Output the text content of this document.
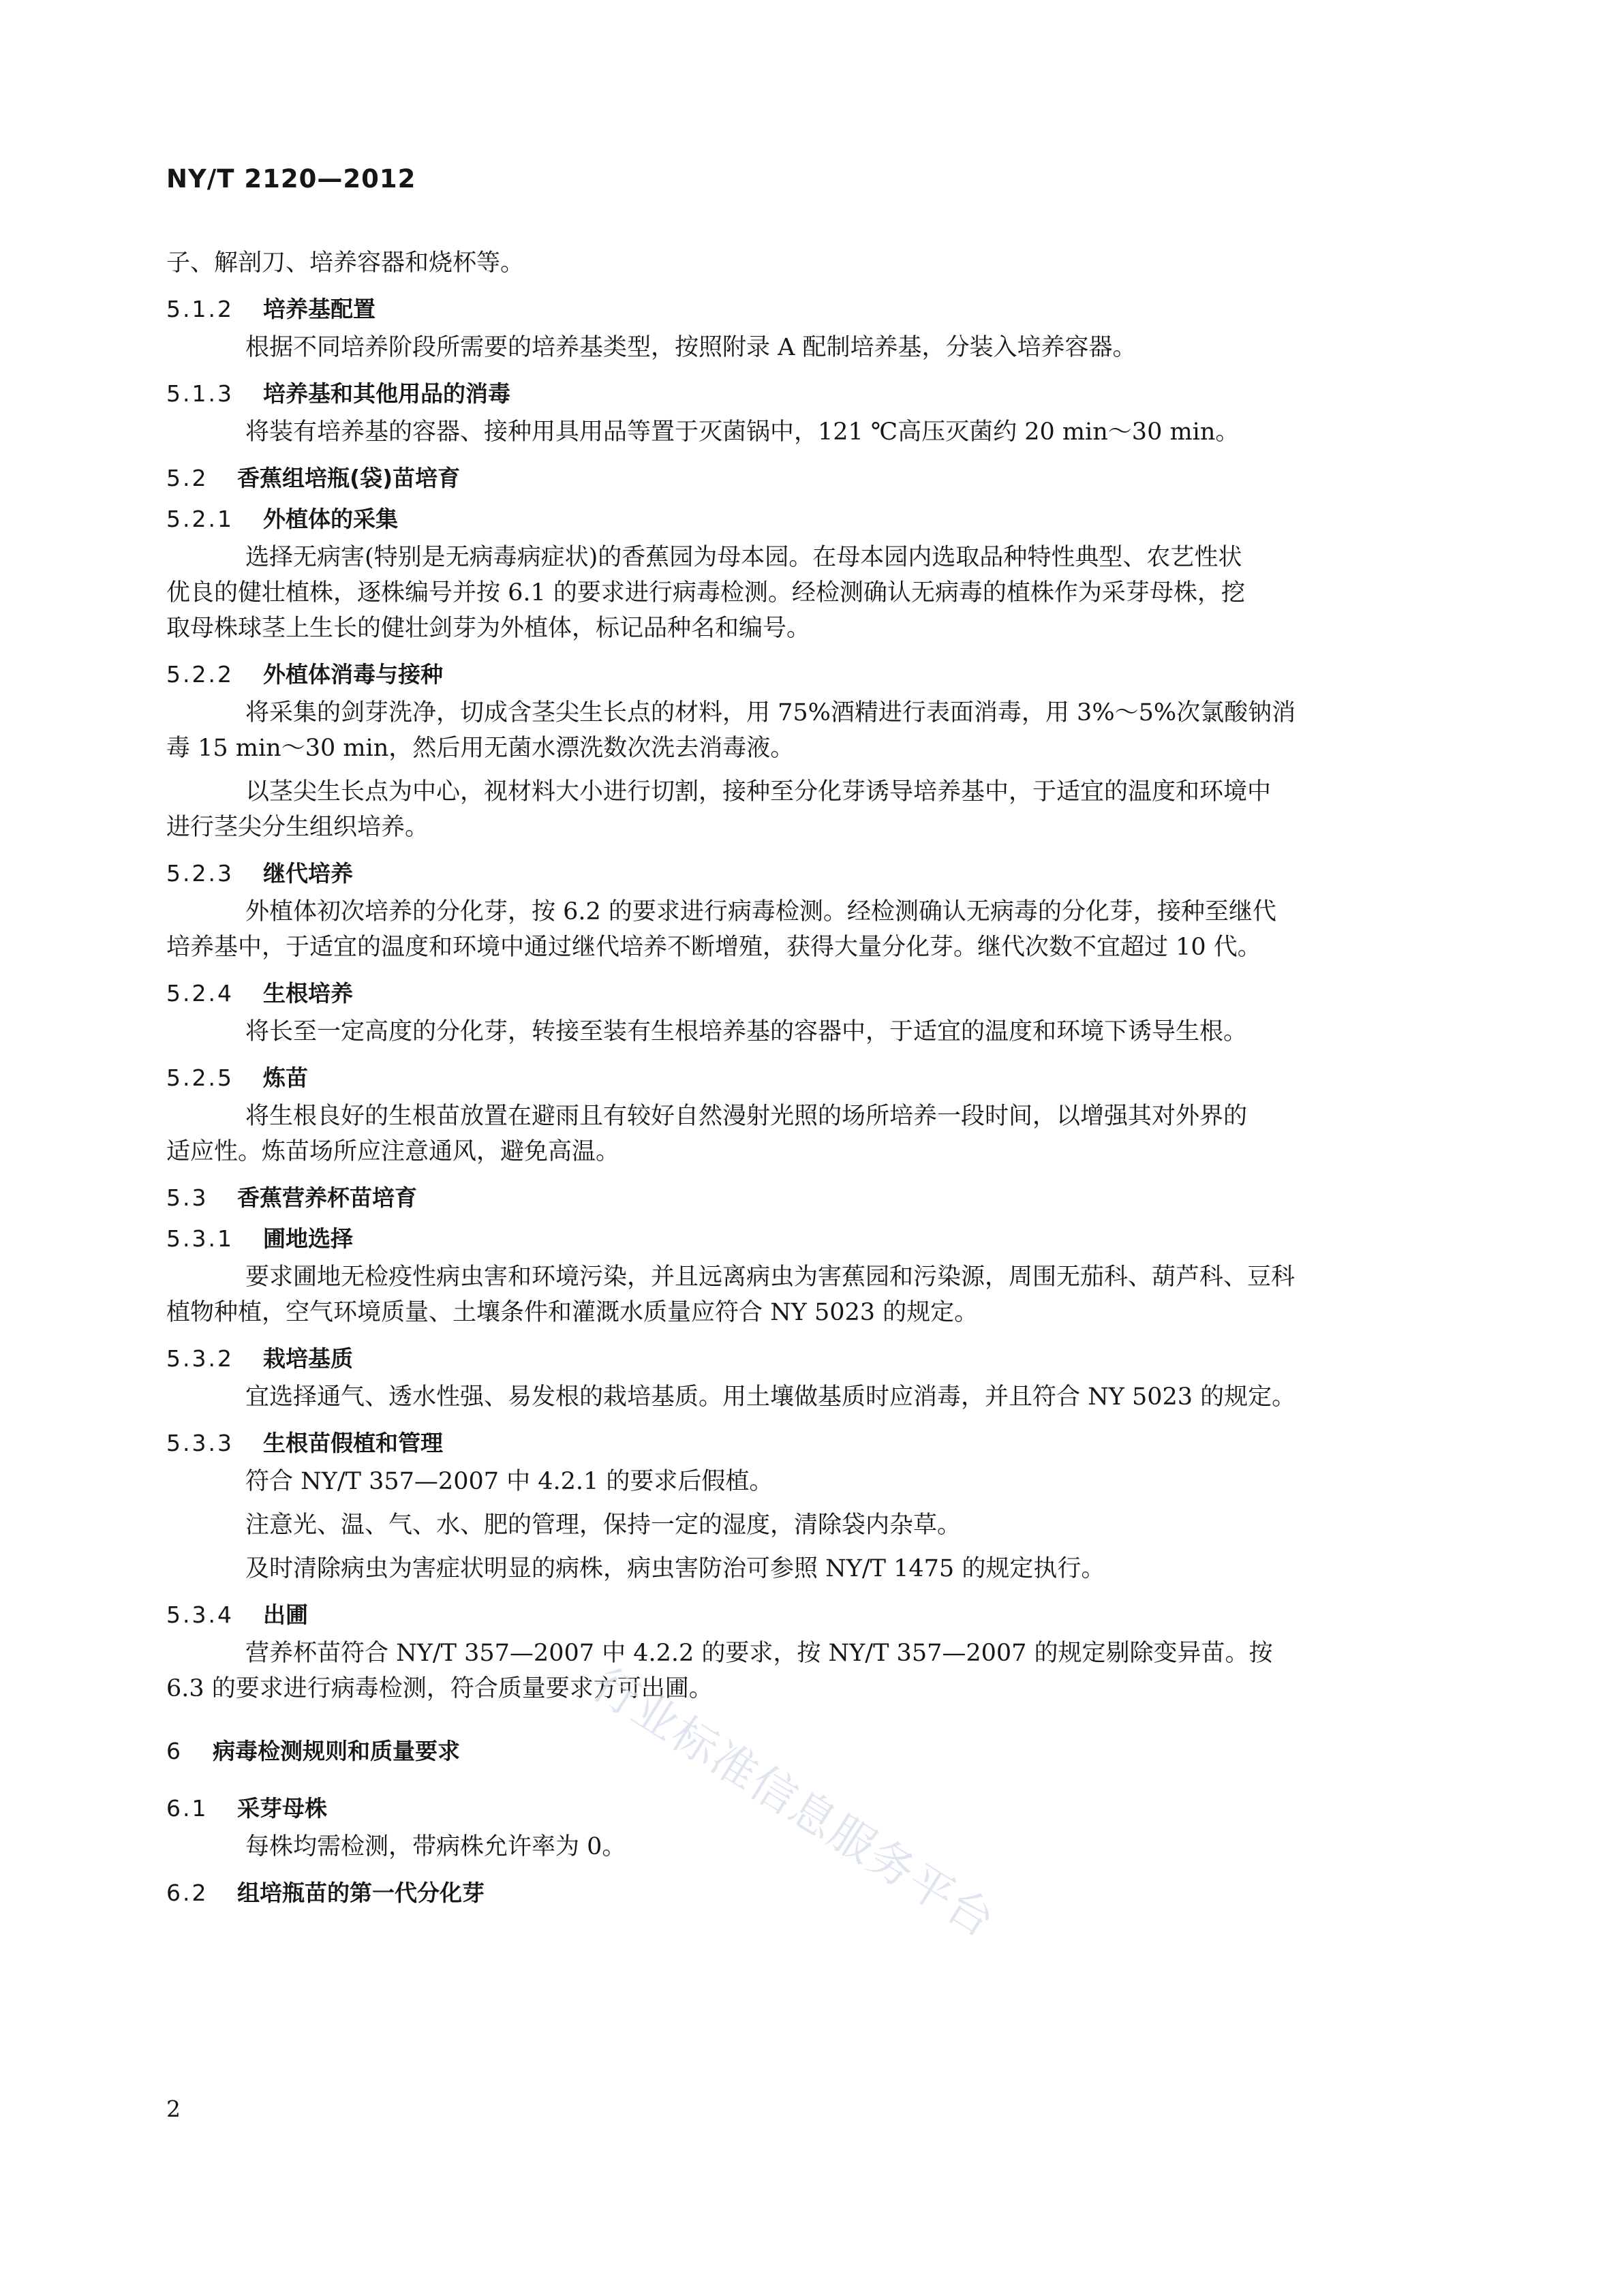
NY/T 2120—2012

子、解剖刀、培养容器和烧杯等。

5.1.2 培养基配置

根据不同培养阶段所需要的培养基类型，按照附录 A 配制培养基，分装入培养容器。

5.1.3 培养基和其他用品的消毒

将装有培养基的容器、接种用具用品等置于灭菌锅中，121 ℃高压灭菌约 20 min～30 min。

5.2 香蕉组培瓶(袋)苗培育

5.2.1 外植体的采集

选择无病害(特别是无病毒病症状)的香蕉园为母本园。在母本园内选取品种特性典型、农艺性状

优良的健壮植株，逐株编号并按 6.1 的要求进行病毒检测。经检测确认无病毒的植株作为采芽母株，挖

取母株球茎上生长的健壮剑芽为外植体，标记品种名和编号。

5.2.2 外植体消毒与接种

将采集的剑芽洗净，切成含茎尖生长点的材料，用 75%酒精进行表面消毒，用 3%～5%次氯酸钠消

毒 15 min～30 min，然后用无菌水漂洗数次洗去消毒液。

以茎尖生长点为中心，视材料大小进行切割，接种至分化芽诱导培养基中，于适宜的温度和环境中

进行茎尖分生组织培养。

5.2.3 继代培养

外植体初次培养的分化芽，按 6.2 的要求进行病毒检测。经检测确认无病毒的分化芽，接种至继代

培养基中，于适宜的温度和环境中通过继代培养不断增殖，获得大量分化芽。继代次数不宜超过 10 代。

5.2.4 生根培养

将长至一定高度的分化芽，转接至装有生根培养基的容器中，于适宜的温度和环境下诱导生根。

5.2.5 炼苗

将生根良好的生根苗放置在避雨且有较好自然漫射光照的场所培养一段时间，以增强其对外界的

适应性。炼苗场所应注意通风，避免高温。

5.3 香蕉营养杯苗培育

5.3.1 圃地选择

要求圃地无检疫性病虫害和环境污染，并且远离病虫为害蕉园和污染源，周围无茄科、葫芦科、豆科

植物种植，空气环境质量、土壤条件和灌溉水质量应符合 NY 5023 的规定。

5.3.2 栽培基质

宜选择通气、透水性强、易发根的栽培基质。用土壤做基质时应消毒，并且符合 NY 5023 的规定。

5.3.3 生根苗假植和管理

符合 NY/T 357—2007 中 4.2.1 的要求后假植。

注意光、温、气、水、肥的管理，保持一定的湿度，清除袋内杂草。

及时清除病虫为害症状明显的病株，病虫害防治可参照 NY/T 1475 的规定执行。

5.3.4 出圃

营养杯苗符合 NY/T 357—2007 中 4.2.2 的要求，按 NY/T 357—2007 的规定剔除变异苗。按

6.3 的要求进行病毒检测，符合质量要求方可出圃。

6 病毒检测规则和质量要求

6.1 采芽母株

每株均需检测，带病株允许率为 0。

6.2 组培瓶苗的第一代分化芽

2

行业标准信息服务平台
